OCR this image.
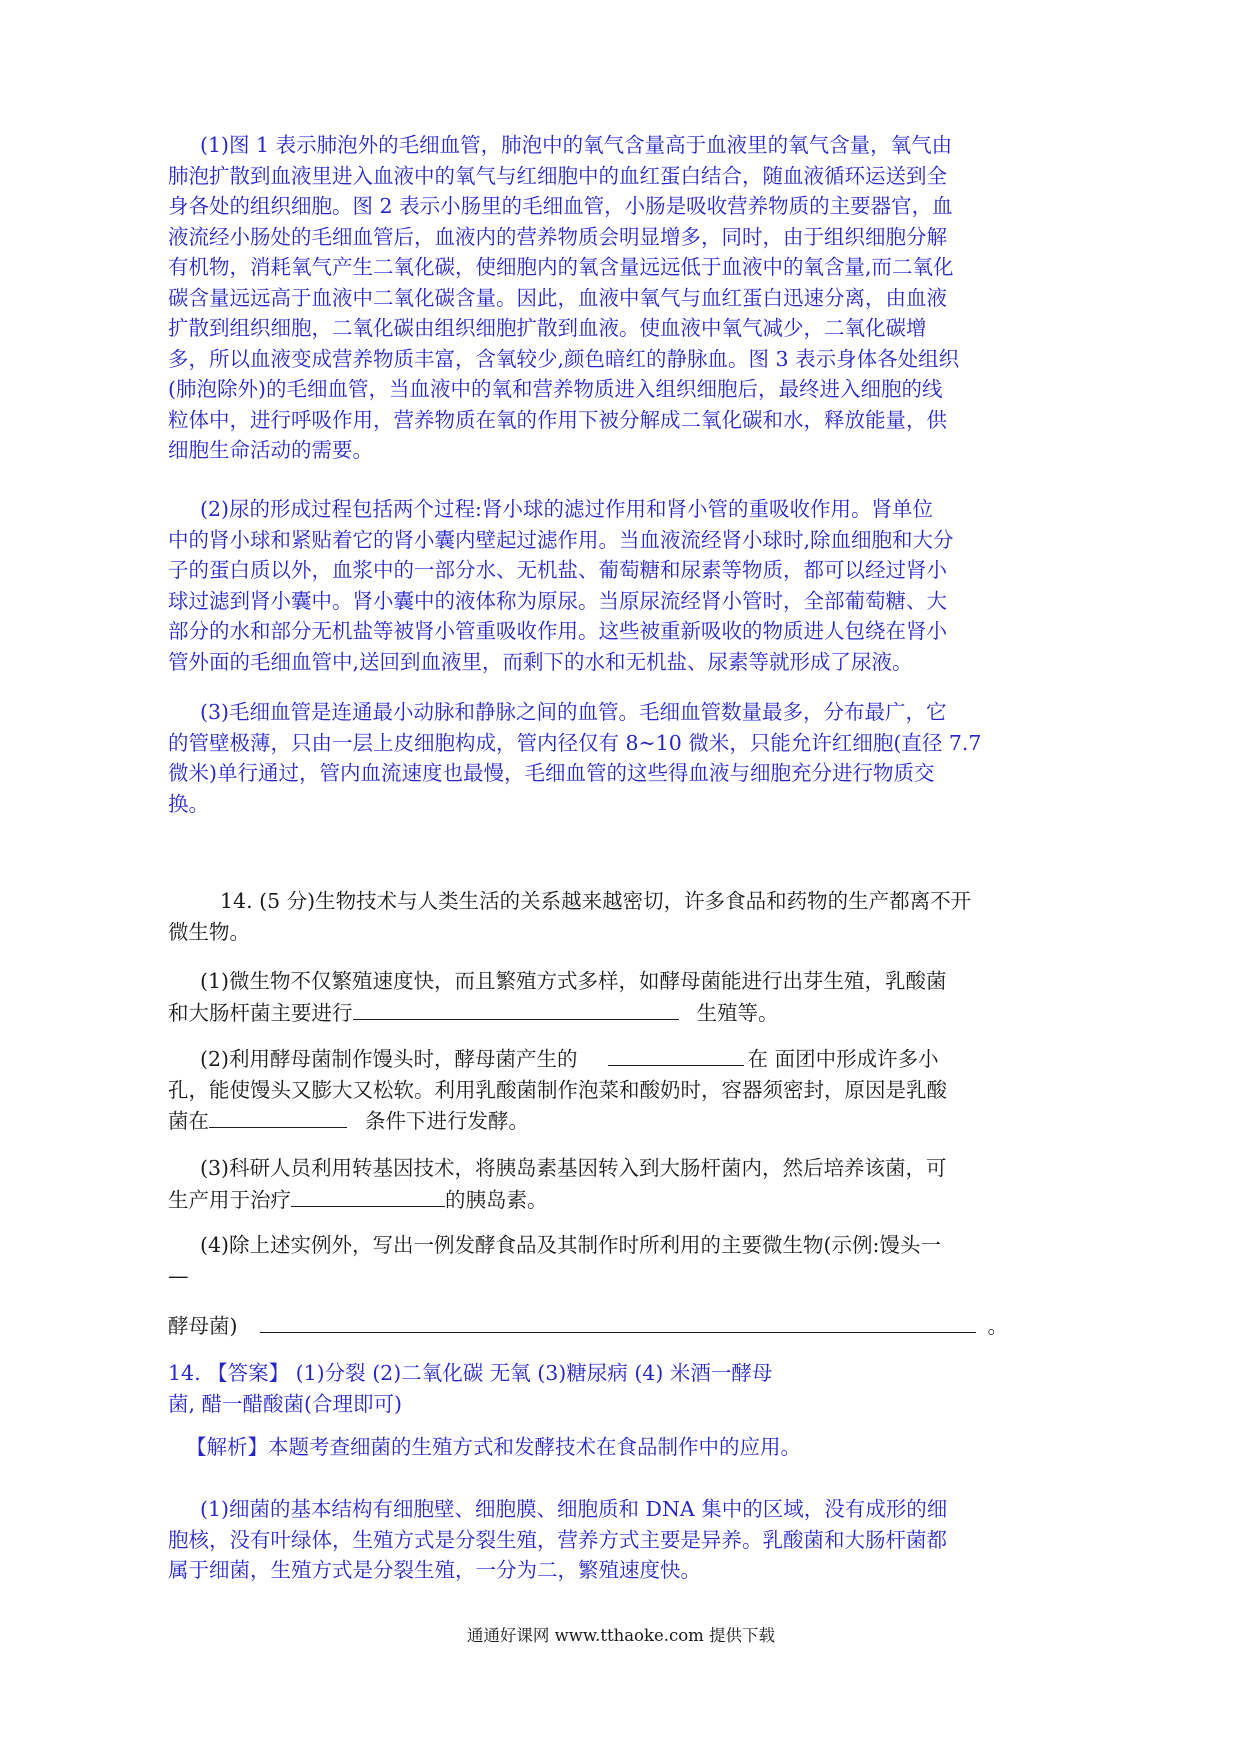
(1)图 1 表示肺泡外的毛细血管，肺泡中的氧气含量高于血液里的氧气含量，氧气由
肺泡扩散到血液里进入血液中的氧气与红细胞中的血红蛋白结合，随血液循环运送到全
身各处的组织细胞。图 2 表示小肠里的毛细血管，小肠是吸收营养物质的主要器官，血
液流经小肠处的毛细血管后，血液内的营养物质会明显增多，同时，由于组织细胞分解
有机物，消耗氧气产生二氧化碳，使细胞内的氧含量远远低于血液中的氧含量,而二氧化
碳含量远远高于血液中二氧化碳含量。因此，血液中氧气与血红蛋白迅速分离，由血液
扩散到组织细胞，二氧化碳由组织细胞扩散到血液。使血液中氧气减少，二氧化碳增
多，所以血液变成营养物质丰富，含氧较少,颜色暗红的静脉血。图 3 表示身体各处组织
(肺泡除外)的毛细血管，当血液中的氧和营养物质进入组织细胞后，最终进入细胞的线
粒体中，进行呼吸作用，营养物质在氧的作用下被分解成二氧化碳和水，释放能量，供
细胞生命活动的需要。
(2)尿的形成过程包括两个过程:肾小球的滤过作用和肾小管的重吸收作用。肾单位
中的肾小球和紧贴着它的肾小囊内壁起过滤作用。当血液流经肾小球时,除血细胞和大分
子的蛋白质以外，血浆中的一部分水、无机盐、葡萄糖和尿素等物质，都可以经过肾小
球过滤到肾小囊中。肾小囊中的液体称为原尿。当原尿流经肾小管时，全部葡萄糖、大
部分的水和部分无机盐等被肾小管重吸收作用。这些被重新吸收的物质进人包绕在肾小
管外面的毛细血管中,送回到血液里，而剩下的水和无机盐、尿素等就形成了尿液。
(3)毛细血管是连通最小动脉和静脉之间的血管。毛细血管数量最多，分布最广，它
的管壁极薄，只由一层上皮细胞构成，管内径仅有 8~10 微米，只能允许红细胞(直径 7.7
微米)单行通过，管内血流速度也最慢，毛细血管的这些得血液与细胞充分进行物质交
换。
14. (5 分)生物技术与人类生活的关系越来越密切，许多食品和药物的生产都离不开
微生物。
(1)微生物不仅繁殖速度快，而且繁殖方式多样，如酵母菌能进行出芽生殖，乳酸菌
和大肠杆菌主要进行	生殖等。
(2)利用酵母菌制作馒头时，酵母菌产生的	在 面团中形成许多小
孔，能使馒头又膨大又松软。利用乳酸菌制作泡菜和酸奶时，容器须密封，原因是乳酸
菌在	条件下进行发酵。
(3)科研人员利用转基因技术，将胰岛素基因转入到大肠杆菌内，然后培养该菌，可
生产用于治疗	的胰岛素。
(4)除上述实例外，写出一例发酵食品及其制作时所利用的主要微生物(示例:馒头一
—
酵母菌)	。
14. 【答案】 (1)分裂 (2)二氧化碳 无氧 (3)糖尿病 (4) 米酒一酵母
菌, 醋一醋酸菌(合理即可)
【解析】本题考查细菌的生殖方式和发酵技术在食品制作中的应用。
(1)细菌的基本结构有细胞壁、细胞膜、细胞质和 DNA 集中的区域，没有成形的细
胞核，没有叶绿体，生殖方式是分裂生殖，营养方式主要是异养。乳酸菌和大肠杆菌都
属于细菌，生殖方式是分裂生殖，一分为二，繁殖速度快。
通通好课网 www.tthaoke.com 提供下载
